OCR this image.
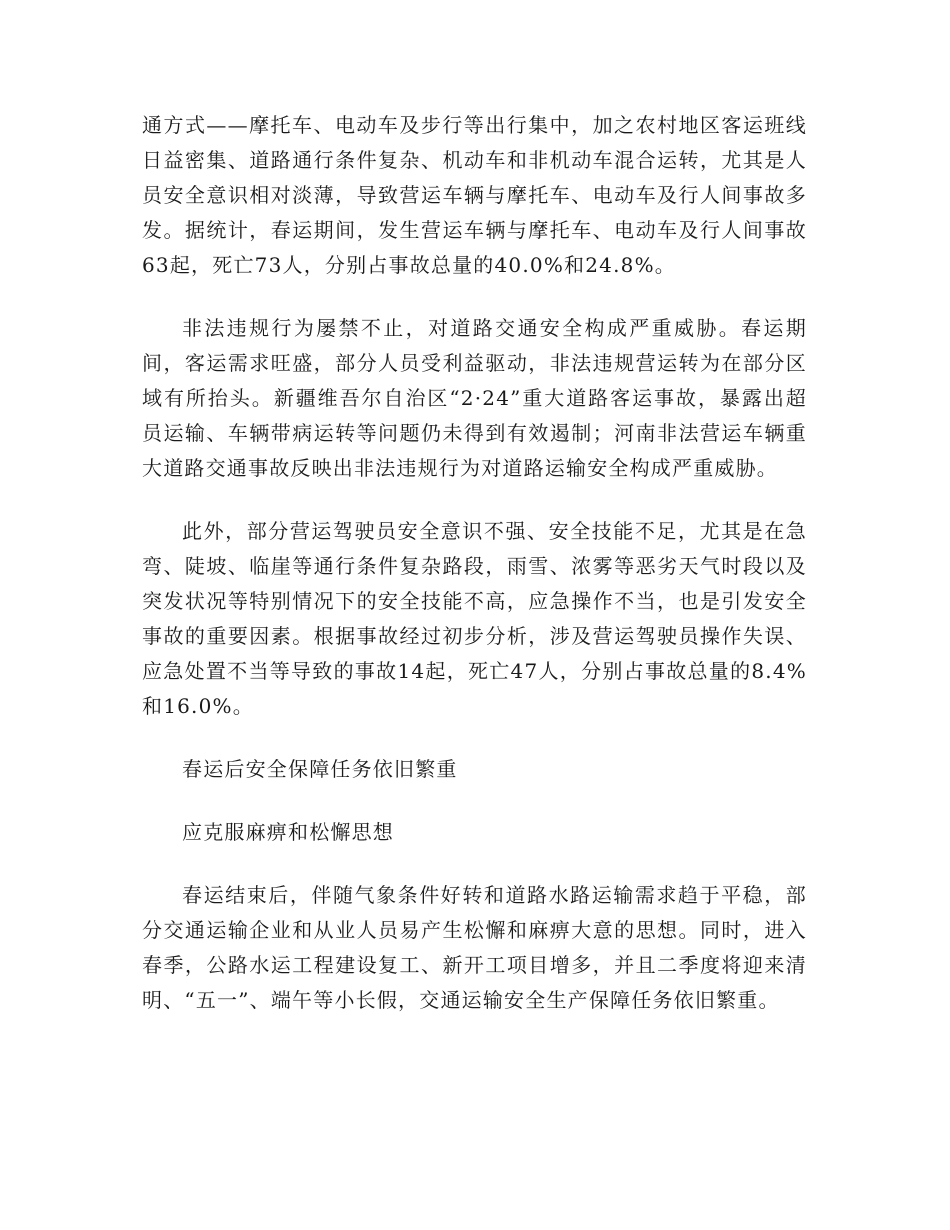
通方式——摩托车、电动车及步行等出行集中，加之农村地区客运班线日益密集、道路通行条件复杂、机动车和非机动车混合运转，尤其是人员安全意识相对淡薄，导致营运车辆与摩托车、电动车及行人间事故多发。据统计，春运期间，发生营运车辆与摩托车、电动车及行人间事故63起，死亡73人，分别占事故总量的40.0%和24.8%。

非法违规行为屡禁不止，对道路交通安全构成严重威胁。春运期间，客运需求旺盛，部分人员受利益驱动，非法违规营运转为在部分区域有所抬头。新疆维吾尔自治区“2·24”重大道路客运事故，暴露出超员运输、车辆带病运转等问题仍未得到有效遏制；河南非法营运车辆重大道路交通事故反映出非法违规行为对道路运输安全构成严重威胁。

此外，部分营运驾驶员安全意识不强、安全技能不足，尤其是在急弯、陡坡、临崖等通行条件复杂路段，雨雪、浓雾等恶劣天气时段以及突发状况等特别情况下的安全技能不高，应急操作不当，也是引发安全事故的重要因素。根据事故经过初步分析，涉及营运驾驶员操作失误、应急处置不当等导致的事故14起，死亡47人，分别占事故总量的8.4%和16.0%。

春运后安全保障任务依旧繁重

应克服麻痹和松懈思想

春运结束后，伴随气象条件好转和道路水路运输需求趋于平稳，部分交通运输企业和从业人员易产生松懈和麻痹大意的思想。同时，进入春季，公路水运工程建设复工、新开工项目增多，并且二季度将迎来清明、“五一”、端午等小长假，交通运输安全生产保障任务依旧繁重。
